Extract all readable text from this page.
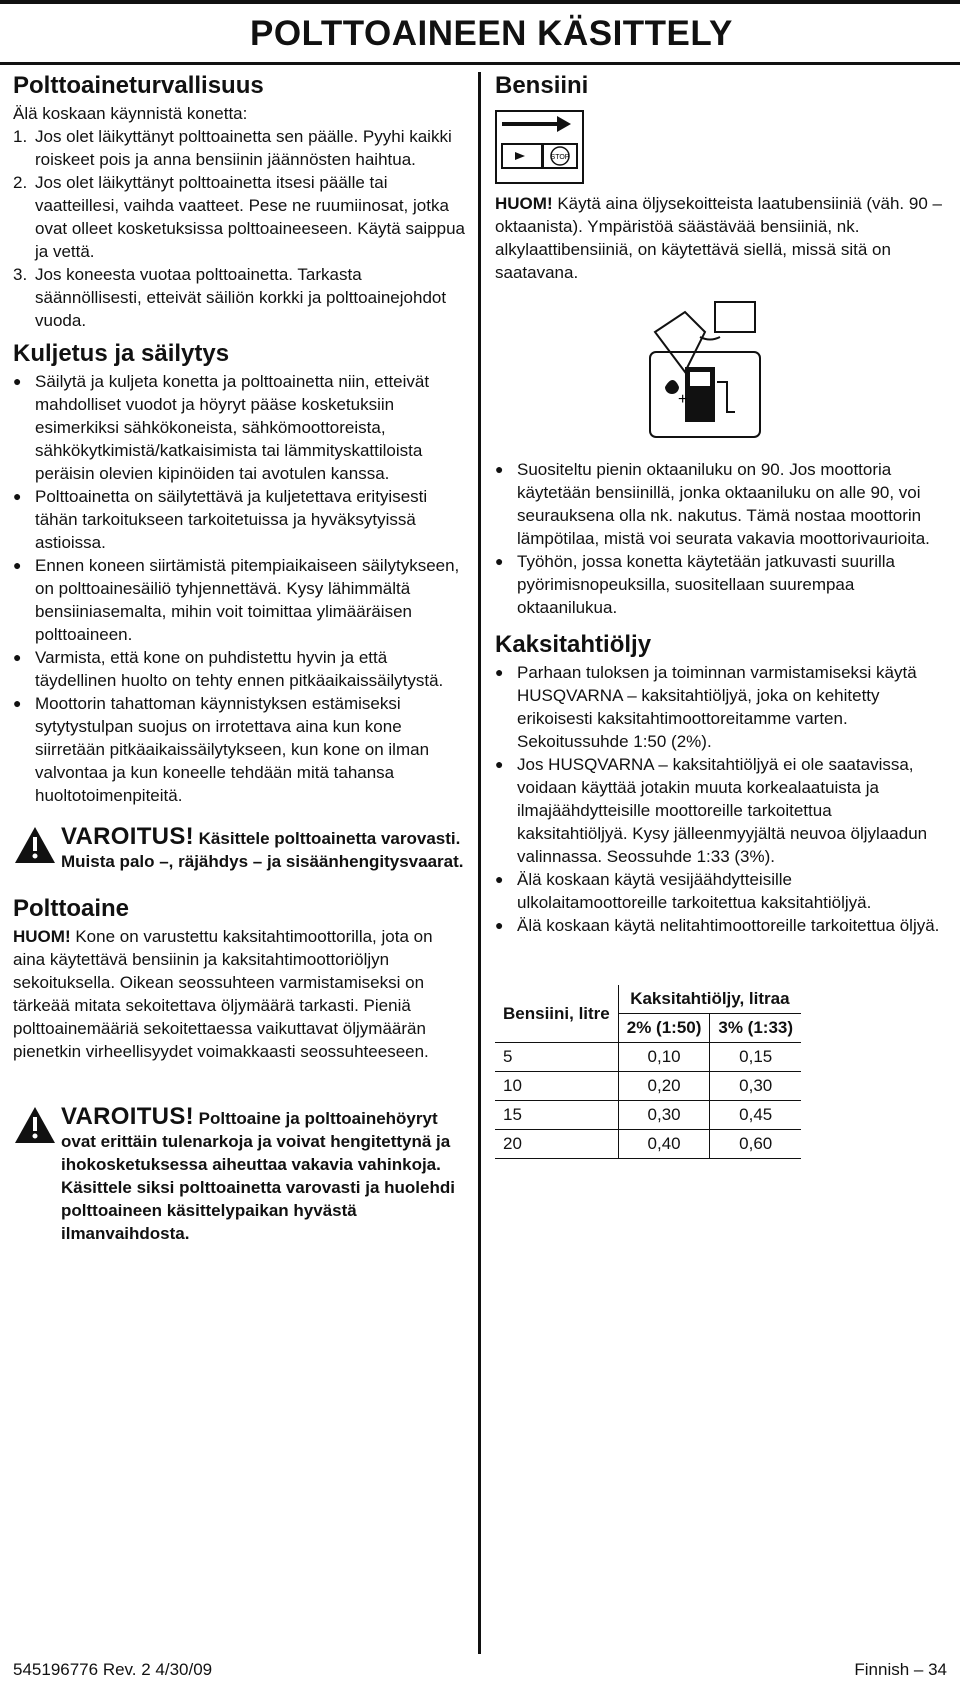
POLTTOAINEEN KÄSITTELY
Polttoaineturvallisuus

Älä koskaan käynnistä konetta:

1. Jos olet läikyttänyt polttoainetta sen päälle. Pyyhi kaikki roiskeet pois ja anna bensiinin jäännösten haihtua.
2. Jos olet läikyttänyt polttoainetta itsesi päälle tai vaatteillesi, vaihda vaatteet. Pese ne ruumiinosat, jotka ovat olleet kosketuksissa polttoaineeseen. Käytä saippua ja vettä.
3. Jos koneesta vuotaa polttoainetta. Tarkasta säännöllisesti, etteivät säiliön korkki ja polttoainejohdot vuoda.
Kuljetus ja säilytys
● Säilytä ja kuljeta konetta ja polttoainetta niin, etteivät mahdolliset vuodot ja höyryt pääse kosketuksiin esimerkiksi sähkökoneista, sähkömoottoreista, sähkökytkimistä/katkaisimista tai lämmityskattiloista peräisin olevien kipinöiden tai avotulen kanssa.
● Polttoainetta on säilytettävä ja kuljetettava erityisesti tähän tarkoitukseen tarkoitetuissa ja hyväksytyissä astioissa.
● Ennen koneen siirtämistä pitempiaikaiseen säilytykseen, on polttoainesäiliö tyhjennettävä. Kysy lähimmältä bensiiniasemalta, mihin voit toimittaa ylimääräisen polttoaineen.
● Varmista, että kone on puhdistettu hyvin ja että täydellinen huolto on tehty ennen pitkäaikaissäilytystä.
● Moottorin tahattoman käynnistyksen estämiseksi sytytystulpan suojus on irrotettava aina kun kone siirretään pitkäaikaissäilytykseen, kun kone on ilman valvontaa ja kun koneelle tehdään mitä tahansa huoltotoimenpiteitä.
VAROITUS! Käsittele polttoainetta varovasti. Muista palo –, räjähdys – ja sisäänhengitysvaarat.
Polttoaine

HUOM! Kone on varustettu kaksitahtimoottorilla, jota on aina käytettävä bensiinin ja kaksitahtimoottoriöljyn sekoituksella. Oikean seossuhteen varmistamiseksi on tärkeää mitata sekoitettava öljymäärä tarkasti. Pieniä polttoainemääriä sekoitettaessa vaikuttavat öljymäärän pienetkin virheellisyydet voimakkaasti seossuhteeseen.

VAROITUS! Polttoaine ja polttoainehöyryt ovat erittäin tulenarkoja ja voivat hengitettynä ja ihokosketuksessa aiheuttaa vakavia vahinkoja. Käsittele siksi polttoainetta varovasti ja huolehdi polttoaineen käsittelypaikan hyvästä ilmanvaihdosta.
Bensiini
STOP

HUOM! Käytä aina öljysekoitteista laatubensiiniä (väh. 90 – oktaanista). Ympäristöä säästävää bensiiniä, nk. alkylaattibensiiniä, on käytettävä siellä, missä sitä on saatavana.

+
● Suositeltu pienin oktaaniluku on 90. Jos moottoria käytetään bensiinillä, jonka oktaaniluku on alle 90, voi seurauksena olla nk. nakutus. Tämä nostaa moottorin lämpötilaa, mistä voi seurata vakavia moottorivaurioita.
● Työhön, jossa konetta käytetään jatkuvasti suurilla pyörimisnopeuksilla, suositellaan suurempaa oktaanilukua.
Kaksitahtiöljy
● Parhaan tuloksen ja toiminnan varmistamiseksi käytä HUSQVARNA – kaksitahtiöljyä, joka on kehitetty erikoisesti kaksitahtimoottoreitamme varten. Sekoitussuhde 1:50 (2%).
● Jos HUSQVARNA – kaksitahtiöljyä ei ole saatavissa, voidaan käyttää jotakin muuta korkealaatuista ja ilmajäähdytteisille moottoreille tarkoitettua kaksitahtiöljyä. Kysy jälleenmyyjältä neuvoa öljylaadun valinnassa. Seossuhde 1:33 (3%).
● Älä koskaan käytä vesijäähdytteisille ulkolaitamoottoreille tarkoitettua kaksitahtiöljyä.
● Älä koskaan käytä nelitahtimoottoreille tarkoitettua öljyä.
Bensiini, litre	Kaksitahtiöljy, litraa	
	2% (1:50)	3% (1:33)
5	0,10	0,15
10	0,20	0,30
15	0,30	0,45
20	0,40	0,60
545196776 Rev. 2 4/30/09	Finnish – 34
